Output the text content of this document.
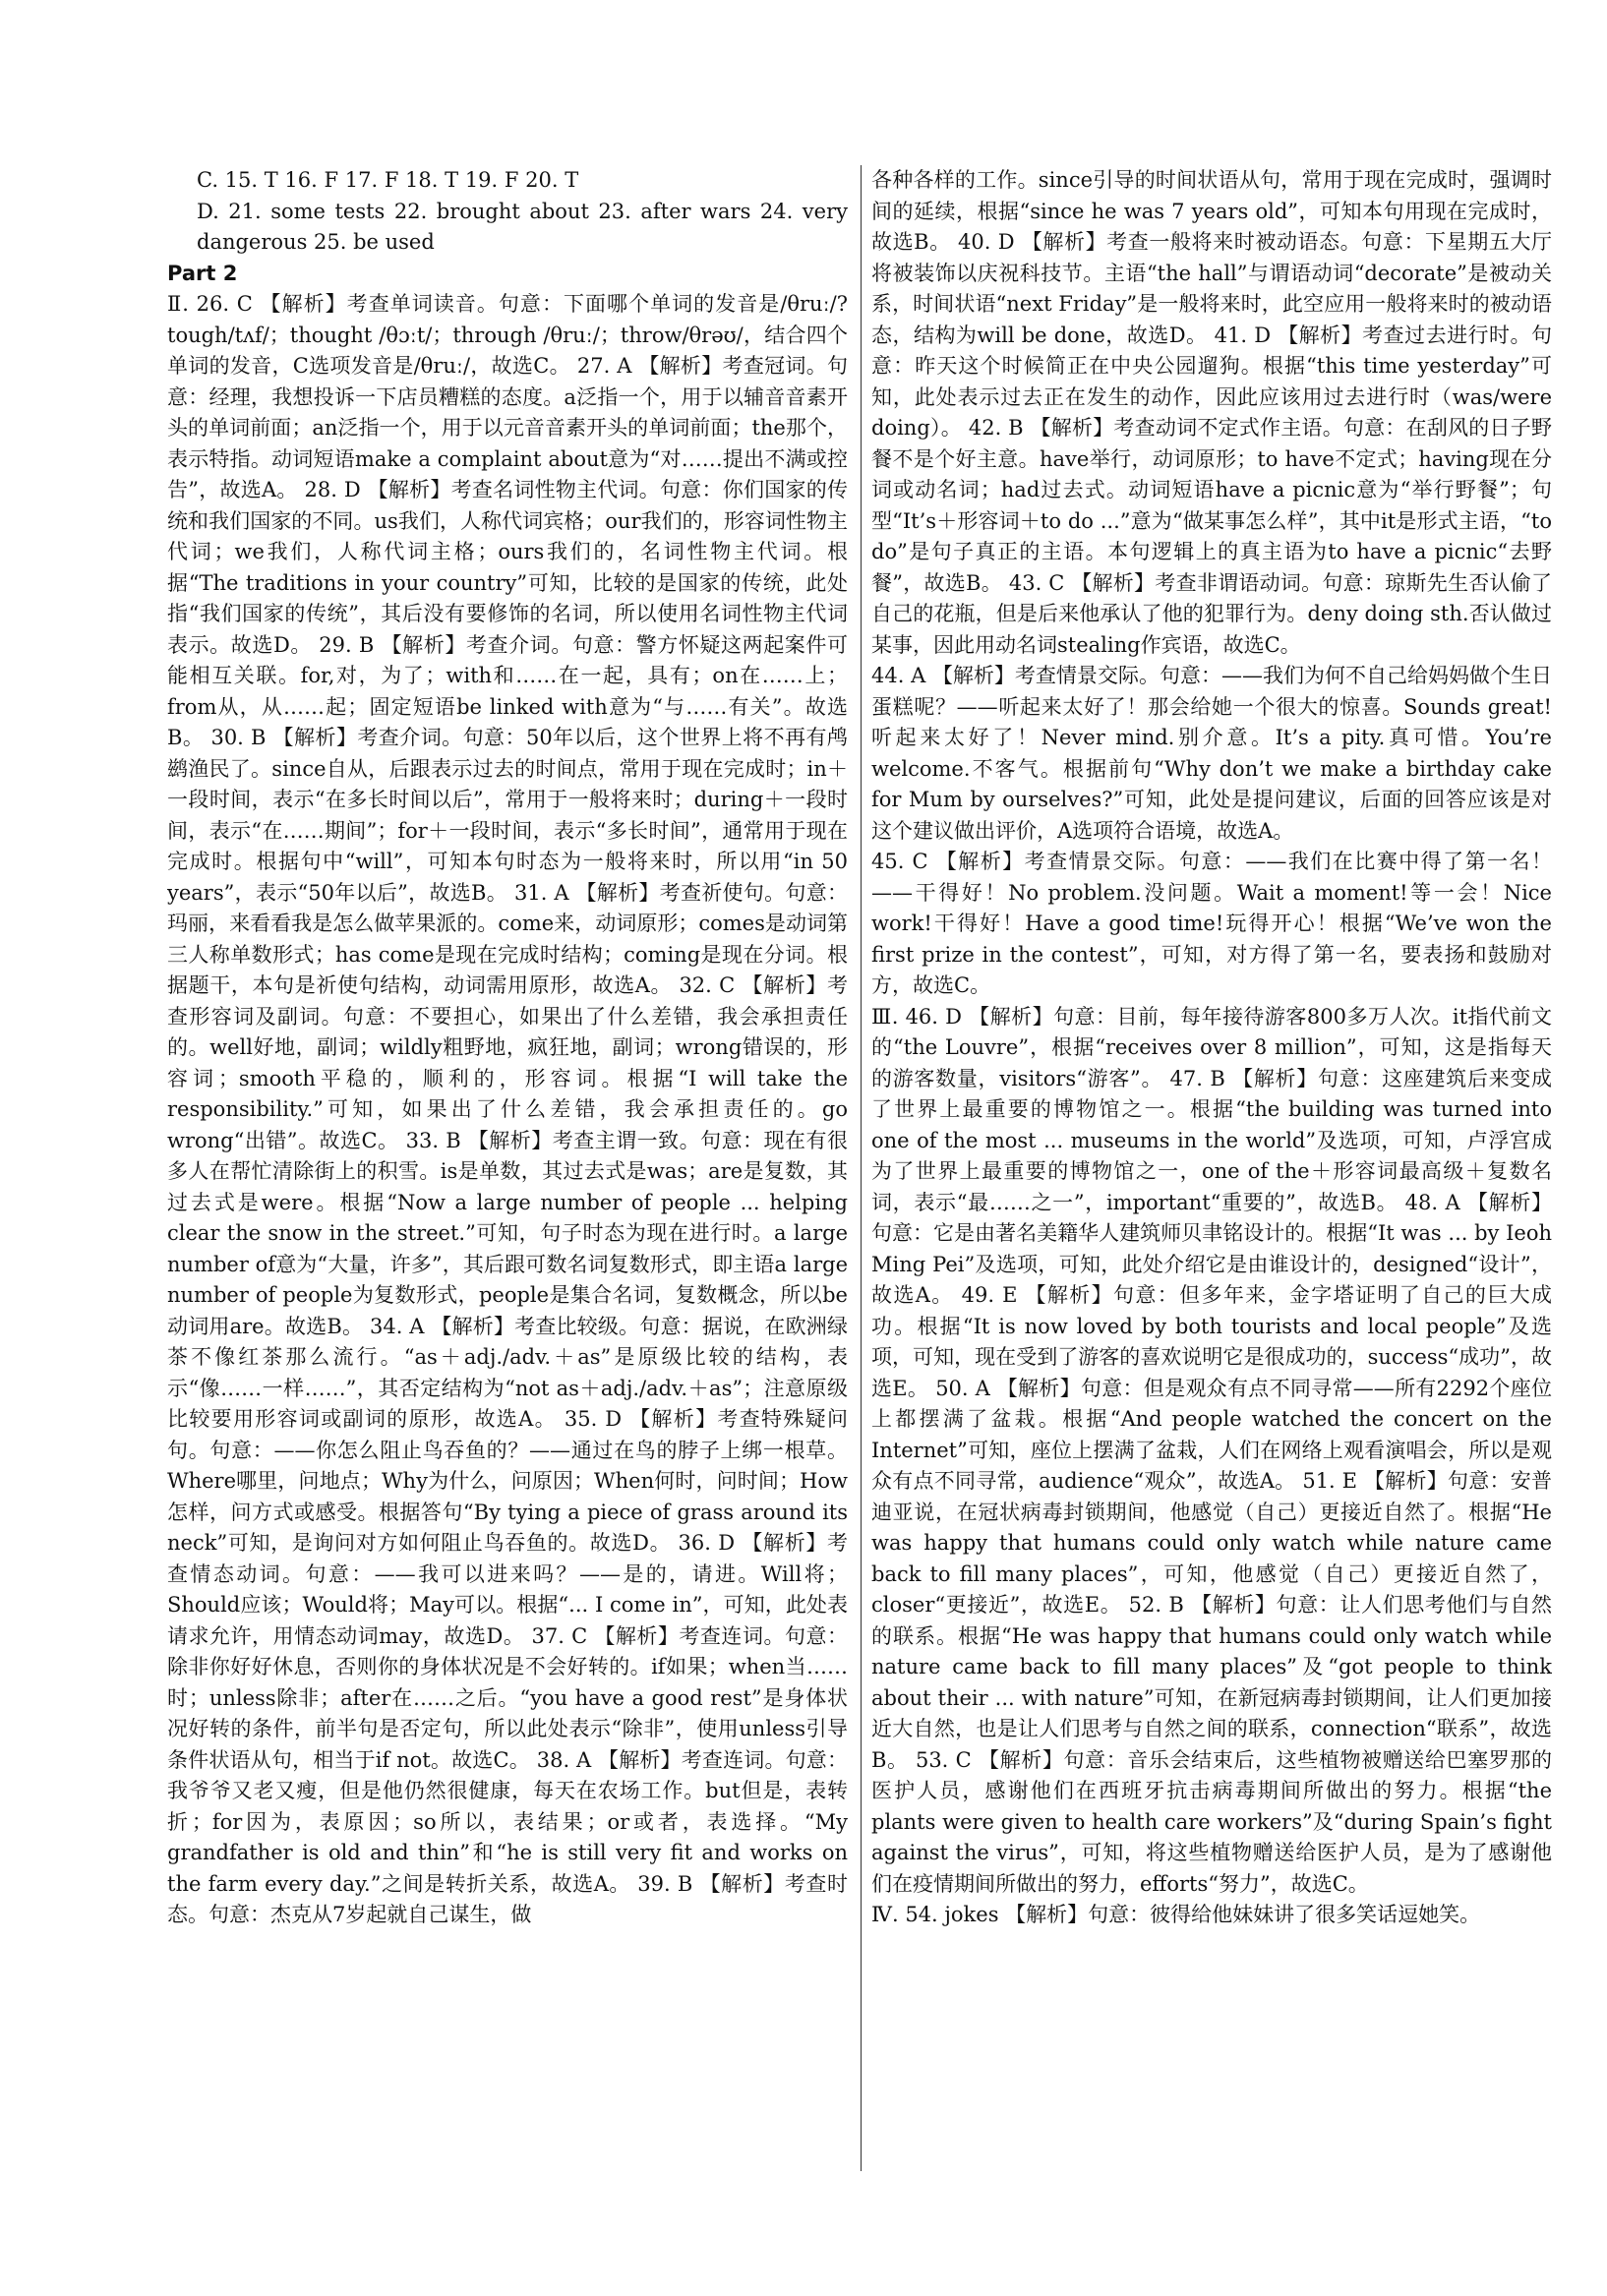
C. 15. T 16. F 17. F 18. T 19. F 20. T
D. 21. some tests 22. brought about 23. after wars 24. very dangerous 25. be used
Part 2
Ⅱ. 26. C 【解析】考查单词读音。句意：下面哪个单词的发音是/θruː/? tough/tʌf/；thought /θɔːt/；through /θruː/；throw/θrəʊ/，结合四个单词的发音，C选项发音是/θruː/，故选C。 27. A 【解析】考查冠词。句意：经理，我想投诉一下店员糟糕的态度。a泛指一个，用于以辅音音素开头的单词前面；an泛指一个，用于以元音音素开头的单词前面；the那个，表示特指。动词短语make a complaint about意为“对……提出不满或控告”，故选A。 28. D 【解析】考查名词性物主代词。句意：你们国家的传统和我们国家的不同。us我们，人称代词宾格；our我们的，形容词性物主代词；we我们，人称代词主格；ours我们的，名词性物主代词。根据“The traditions in your country”可知，比较的是国家的传统，此处指“我们国家的传统”，其后没有要修饰的名词，所以使用名词性物主代词表示。故选D。 29. B 【解析】考查介词。句意：警方怀疑这两起案件可能相互关联。for,对，为了；with和……在一起，具有；on在……上；from从，从……起；固定短语be linked with意为“与……有关”。故选B。 30. B 【解析】考查介词。句意：50年以后，这个世界上将不再有鸬鹚渔民了。since自从，后跟表示过去的时间点，常用于现在完成时；in＋一段时间，表示“在多长时间以后”，常用于一般将来时；during＋一段时间，表示“在……期间”；for＋一段时间，表示“多长时间”，通常用于现在完成时。根据句中“will”，可知本句时态为一般将来时，所以用“in 50 years”，表示“50年以后”，故选B。 31. A 【解析】考查祈使句。句意：玛丽，来看看我是怎么做苹果派的。come来，动词原形；comes是动词第三人称单数形式；has come是现在完成时结构；coming是现在分词。根据题干，本句是祈使句结构，动词需用原形，故选A。 32. C 【解析】考查形容词及副词。句意：不要担心，如果出了什么差错，我会承担责任的。well好地，副词；wildly粗野地，疯狂地，副词；wrong错误的，形容词；smooth平稳的，顺利的，形容词。根据“I will take the responsibility.”可知，如果出了什么差错，我会承担责任的。go wrong“出错”。故选C。 33. B 【解析】考查主谓一致。句意：现在有很多人在帮忙清除街上的积雪。is是单数，其过去式是was；are是复数，其过去式是were。根据“Now a large number of people ... helping clear the snow in the street.”可知，句子时态为现在进行时。a large number of意为“大量，许多”，其后跟可数名词复数形式，即主语a large number of people为复数形式，people是集合名词，复数概念，所以be动词用are。故选B。 34. A 【解析】考查比较级。句意：据说，在欧洲绿茶不像红茶那么流行。“as＋adj./adv.＋as”是原级比较的结构，表示“像……一样……”，其否定结构为“not as＋adj./adv.＋as”；注意原级比较要用形容词或副词的原形，故选A。 35. D 【解析】考查特殊疑问句。句意：——你怎么阻止鸟吞鱼的？——通过在鸟的脖子上绑一根草。Where哪里，问地点；Why为什么，问原因；When何时，问时间；How怎样，问方式或感受。根据答句“By tying a piece of grass around its neck”可知，是询问对方如何阻止鸟吞鱼的。故选D。 36. D 【解析】考查情态动词。句意：——我可以进来吗？——是的，请进。Will将；Should应该；Would将；May可以。根据“... I come in”，可知，此处表请求允许，用情态动词may，故选D。 37. C 【解析】考查连词。句意：除非你好好休息，否则你的身体状况是不会好转的。if如果；when当……时；unless除非；after在……之后。“you have a good rest”是身体状况好转的条件，前半句是否定句，所以此处表示“除非”，使用unless引导条件状语从句，相当于if not。故选C。 38. A 【解析】考查连词。句意：我爷爷又老又瘦，但是他仍然很健康，每天在农场工作。but但是，表转折；for因为，表原因；so所以，表结果；or或者，表选择。“My grandfather is old and thin”和“he is still very fit and works on the farm every day.”之间是转折关系，故选A。 39. B 【解析】考查时态。句意：杰克从7岁起就自己谋生，做
各种各样的工作。since引导的时间状语从句，常用于现在完成时，强调时间的延续，根据“since he was 7 years old”，可知本句用现在完成时，故选B。 40. D 【解析】考查一般将来时被动语态。句意：下星期五大厅将被装饰以庆祝科技节。主语“the hall”与谓语动词“decorate”是被动关系，时间状语“next Friday”是一般将来时，此空应用一般将来时的被动语态，结构为will be done，故选D。 41. D 【解析】考查过去进行时。句意：昨天这个时候简正在中央公园遛狗。根据“this time yesterday”可知，此处表示过去正在发生的动作，因此应该用过去进行时（was/were doing）。 42. B 【解析】考查动词不定式作主语。句意：在刮风的日子野餐不是个好主意。have举行，动词原形；to have不定式；having现在分词或动名词；had过去式。动词短语have a picnic意为“举行野餐”；句型“It’s＋形容词＋to do ...”意为“做某事怎么样”，其中it是形式主语，“to do”是句子真正的主语。本句逻辑上的真主语为to have a picnic“去野餐”，故选B。 43. C 【解析】考查非谓语动词。句意：琼斯先生否认偷了自己的花瓶，但是后来他承认了他的犯罪行为。deny doing sth.否认做过某事，因此用动名词stealing作宾语，故选C。
44. A 【解析】考查情景交际。句意：——我们为何不自己给妈妈做个生日蛋糕呢？——听起来太好了！那会给她一个很大的惊喜。Sounds great!听起来太好了！Never mind.别介意。It’s a pity.真可惜。You’re welcome.不客气。根据前句“Why don’t we make a birthday cake for Mum by ourselves?”可知，此处是提问建议，后面的回答应该是对这个建议做出评价，A选项符合语境，故选A。
45. C 【解析】考查情景交际。句意：——我们在比赛中得了第一名！——干得好！No problem.没问题。Wait a moment!等一会！Nice work!干得好！Have a good time!玩得开心！根据“We’ve won the first prize in the contest”，可知，对方得了第一名，要表扬和鼓励对方，故选C。
Ⅲ. 46. D 【解析】句意：目前，每年接待游客800多万人次。it指代前文的“the Louvre”，根据“receives over 8 million”，可知，这是指每天的游客数量，visitors“游客”。 47. B 【解析】句意：这座建筑后来变成了世界上最重要的博物馆之一。根据“the building was turned into one of the most ... museums in the world”及选项，可知，卢浮宫成为了世界上最重要的博物馆之一，one of the＋形容词最高级＋复数名词，表示“最……之一”，important“重要的”，故选B。 48. A 【解析】句意：它是由著名美籍华人建筑师贝聿铭设计的。根据“It was ... by Ieoh Ming Pei”及选项，可知，此处介绍它是由谁设计的，designed“设计”，故选A。 49. E 【解析】句意：但多年来，金字塔证明了自己的巨大成功。根据“It is now loved by both tourists and local people”及选项，可知，现在受到了游客的喜欢说明它是很成功的，success“成功”，故选E。 50. A 【解析】句意：但是观众有点不同寻常——所有2292个座位上都摆满了盆栽。根据“And people watched the concert on the Internet”可知，座位上摆满了盆栽，人们在网络上观看演唱会，所以是观众有点不同寻常，audience“观众”，故选A。 51. E 【解析】句意：安普迪亚说，在冠状病毒封锁期间，他感觉（自己）更接近自然了。根据“He was happy that humans could only watch while nature came back to fill many places”，可知，他感觉（自己）更接近自然了，closer“更接近”，故选E。 52. B 【解析】句意：让人们思考他们与自然的联系。根据“He was happy that humans could only watch while nature came back to fill many places”及“got people to think about their ... with nature”可知，在新冠病毒封锁期间，让人们更加接近大自然，也是让人们思考与自然之间的联系，connection“联系”，故选B。 53. C 【解析】句意：音乐会结束后，这些植物被赠送给巴塞罗那的医护人员，感谢他们在西班牙抗击病毒期间所做出的努力。根据“the plants were given to health care workers”及“during Spain’s fight against the virus”，可知，将这些植物赠送给医护人员，是为了感谢他们在疫情期间所做出的努力，efforts“努力”，故选C。
Ⅳ. 54. jokes 【解析】句意：彼得给他妹妹讲了很多笑话逗她笑。
